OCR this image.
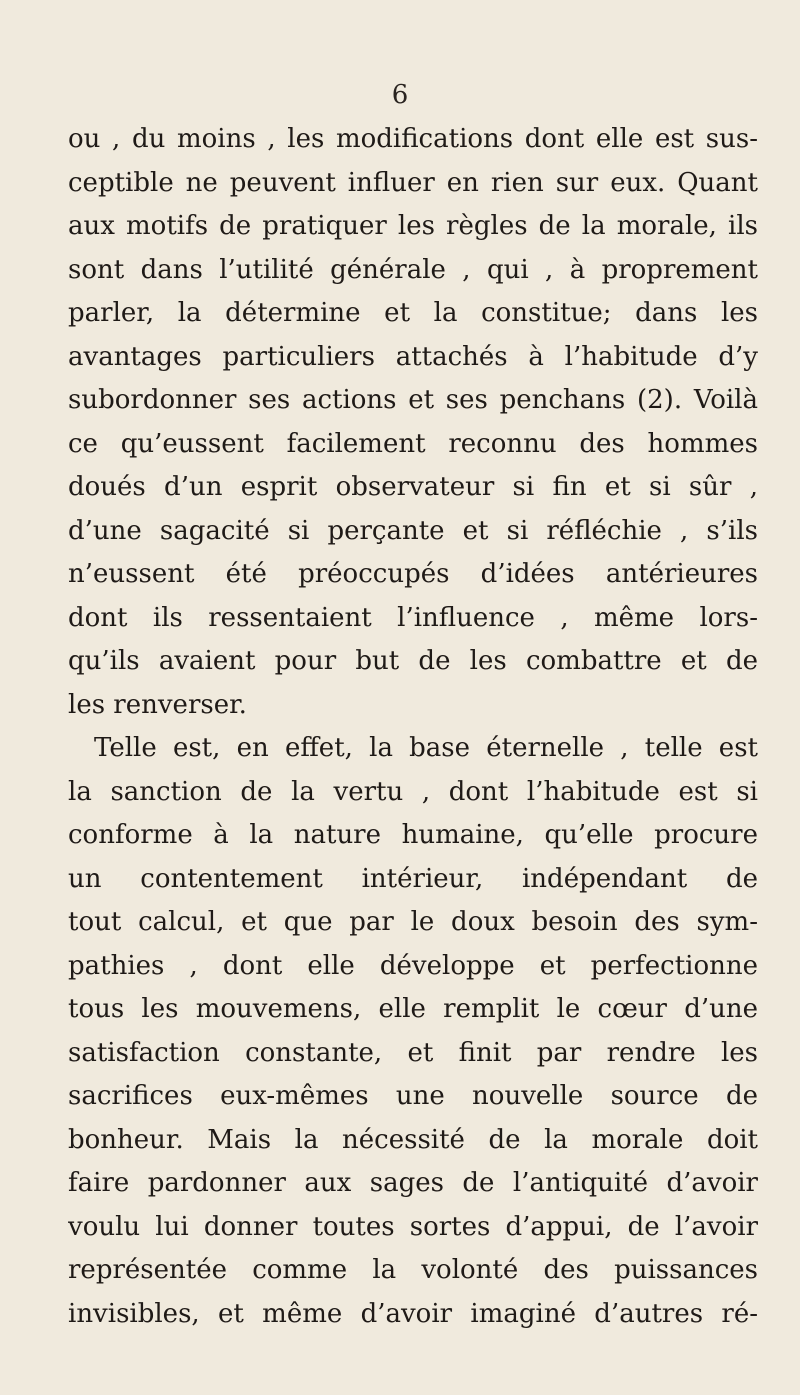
6

ou , du moins , les modifications dont elle est sus-
ceptible ne peuvent influer en rien sur eux. Quant
aux motifs de pratiquer les règles de la morale, ils
sont dans l’utilité générale , qui , à proprement
parler, la détermine et la constitue; dans les
avantages particuliers attachés à l’habitude d’y
subordonner ses actions et ses penchans (2). Voilà
ce qu’eussent facilement reconnu des hommes
doués d’un esprit observateur si fin et si sûr ,
d’une sagacité si perçante et si réfléchie , s’ils
n’eussent été préoccupés d’idées antérieures
dont ils ressentaient l’influence , même lors-
qu’ils avaient pour but de les combattre et de
les renverser.
Telle est, en effet, la base éternelle , telle est
la sanction de la vertu , dont l’habitude est si
conforme à la nature humaine, qu’elle procure
un contentement intérieur, indépendant de
tout calcul, et que par le doux besoin des sym-
pathies , dont elle développe et perfectionne
tous les mouvemens, elle remplit le cœur d’une
satisfaction constante, et finit par rendre les
sacrifices eux-mêmes une nouvelle source de
bonheur. Mais la nécessité de la morale doit
faire pardonner aux sages de l’antiquité d’avoir
voulu lui donner toutes sortes d’appui, de l’avoir
représentée comme la volonté des puissances
invisibles, et même d’avoir imaginé d’autres ré-
